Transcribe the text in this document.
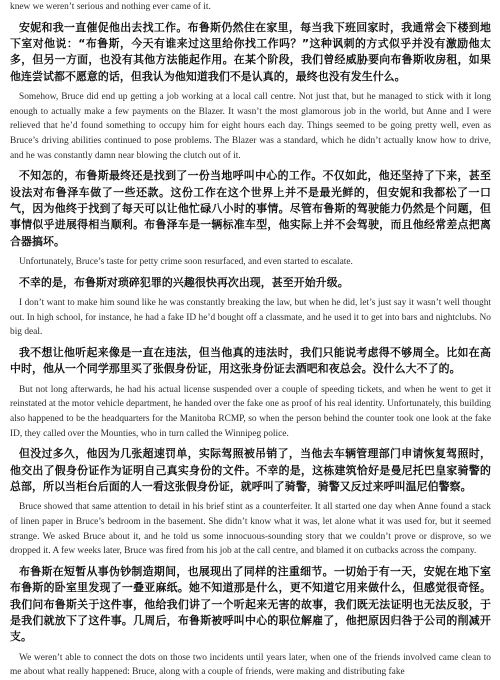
knew we weren’t serious and nothing ever came of it.

安妮和我一直催促他出去找工作。布鲁斯仍然住在家里，每当我下班回家时，我通常会下楼到地下室对他说：“布鲁斯，今天有谁来过这里给你找工作吗？”这种讽刺的方式似乎并没有激励他太多，但另一方面，也没有其他方法能起作用。在某个阶段，我们曾经威胁要向布鲁斯收房租，如果他连尝试都不愿意的话，但我认为他知道我们不是认真的，最终也没有发生什么。

Somehow, Bruce did end up getting a job working at a local call centre. Not just that, but he managed to stick with it long enough to actually make a few payments on the Blazer. It wasn’t the most glamorous job in the world, but Anne and I were relieved that he’d found something to occupy him for eight hours each day. Things seemed to be going pretty well, even as Bruce’s driving abilities continued to pose problems. The Blazer was a standard, which he didn’t actually know how to drive, and he was constantly damn near blowing the clutch out of it.

不知怎的，布鲁斯最终还是找到了一份当地呼叫中心的工作。不仅如此，他还坚持了下来，甚至设法对布鲁泽车做了一些还款。这份工作在这个世界上并不是最光鲜的，但安妮和我都松了一口气，因为他终于找到了每天可以让他忙碌八小时的事情。尽管布鲁斯的驾驶能力仍然是个问题，但事情似乎进展得相当顺利。布鲁泽车是一辆标准车型，他实际上并不会驾驶，而且他经常差点把离合器搞坏。

Unfortunately, Bruce’s taste for petty crime soon resurfaced, and even started to escalate.

不幸的是，布鲁斯对琐碎犯罪的兴趣很快再次出现，甚至开始升级。

I don’t want to make him sound like he was constantly breaking the law, but when he did, let’s just say it wasn’t well thought out. In high school, for instance, he had a fake ID he’d bought off a classmate, and he used it to get into bars and nightclubs. No big deal.

我不想让他听起来像是一直在违法，但当他真的违法时，我们只能说考虑得不够周全。比如在高中时，他从一个同学那里买了张假身份证，用这张身份证去酒吧和夜总会。没什么大不了的。

But not long afterwards, he had his actual license suspended over a couple of speeding tickets, and when he went to get it reinstated at the motor vehicle department, he handed over the fake one as proof of his real identity. Unfortunately, this building also happened to be the headquarters for the Manitoba RCMP, so when the person behind the counter took one look at the fake ID, they called over the Mounties, who in turn called the Winnipeg police.

但没过多久，他因为几张超速罚单，实际驾照被吊销了，当他去车辆管理部门申请恢复驾照时，他交出了假身份证作为证明自己真实身份的文件。不幸的是，这栋建筑恰好是曼尼托巴皇家骑警的总部，所以当柜台后面的人一看这张假身份证，就呼叫了骑警，骑警又反过来呼叫温尼伯警察。

Bruce showed that same attention to detail in his brief stint as a counterfeiter. It all started one day when Anne found a stack of linen paper in Bruce’s bedroom in the basement. She didn’t know what it was, let alone what it was used for, but it seemed strange. We asked Bruce about it, and he told us some innocuous-sounding story that we couldn’t prove or disprove, so we dropped it. A few weeks later, Bruce was fired from his job at the call centre, and blamed it on cutbacks across the company.

布鲁斯在短暂从事伪钞制造期间，也展现出了同样的注重细节。一切始于有一天，安妮在地下室布鲁斯的卧室里发现了一叠亚麻纸。她不知道那是什么，更不知道它用来做什么，但感觉很奇怪。我们问布鲁斯关于这件事，他给我们讲了一个听起来无害的故事，我们既无法证明也无法反驳，于是我们就放下了这件事。几周后，布鲁斯被呼叫中心的职位解雇了，他把原因归咎于公司的削减开支。

We weren’t able to connect the dots on those two incidents until years later, when one of the friends involved came clean to me about what really happened: Bruce, along with a couple of friends, were making and distributing fake
